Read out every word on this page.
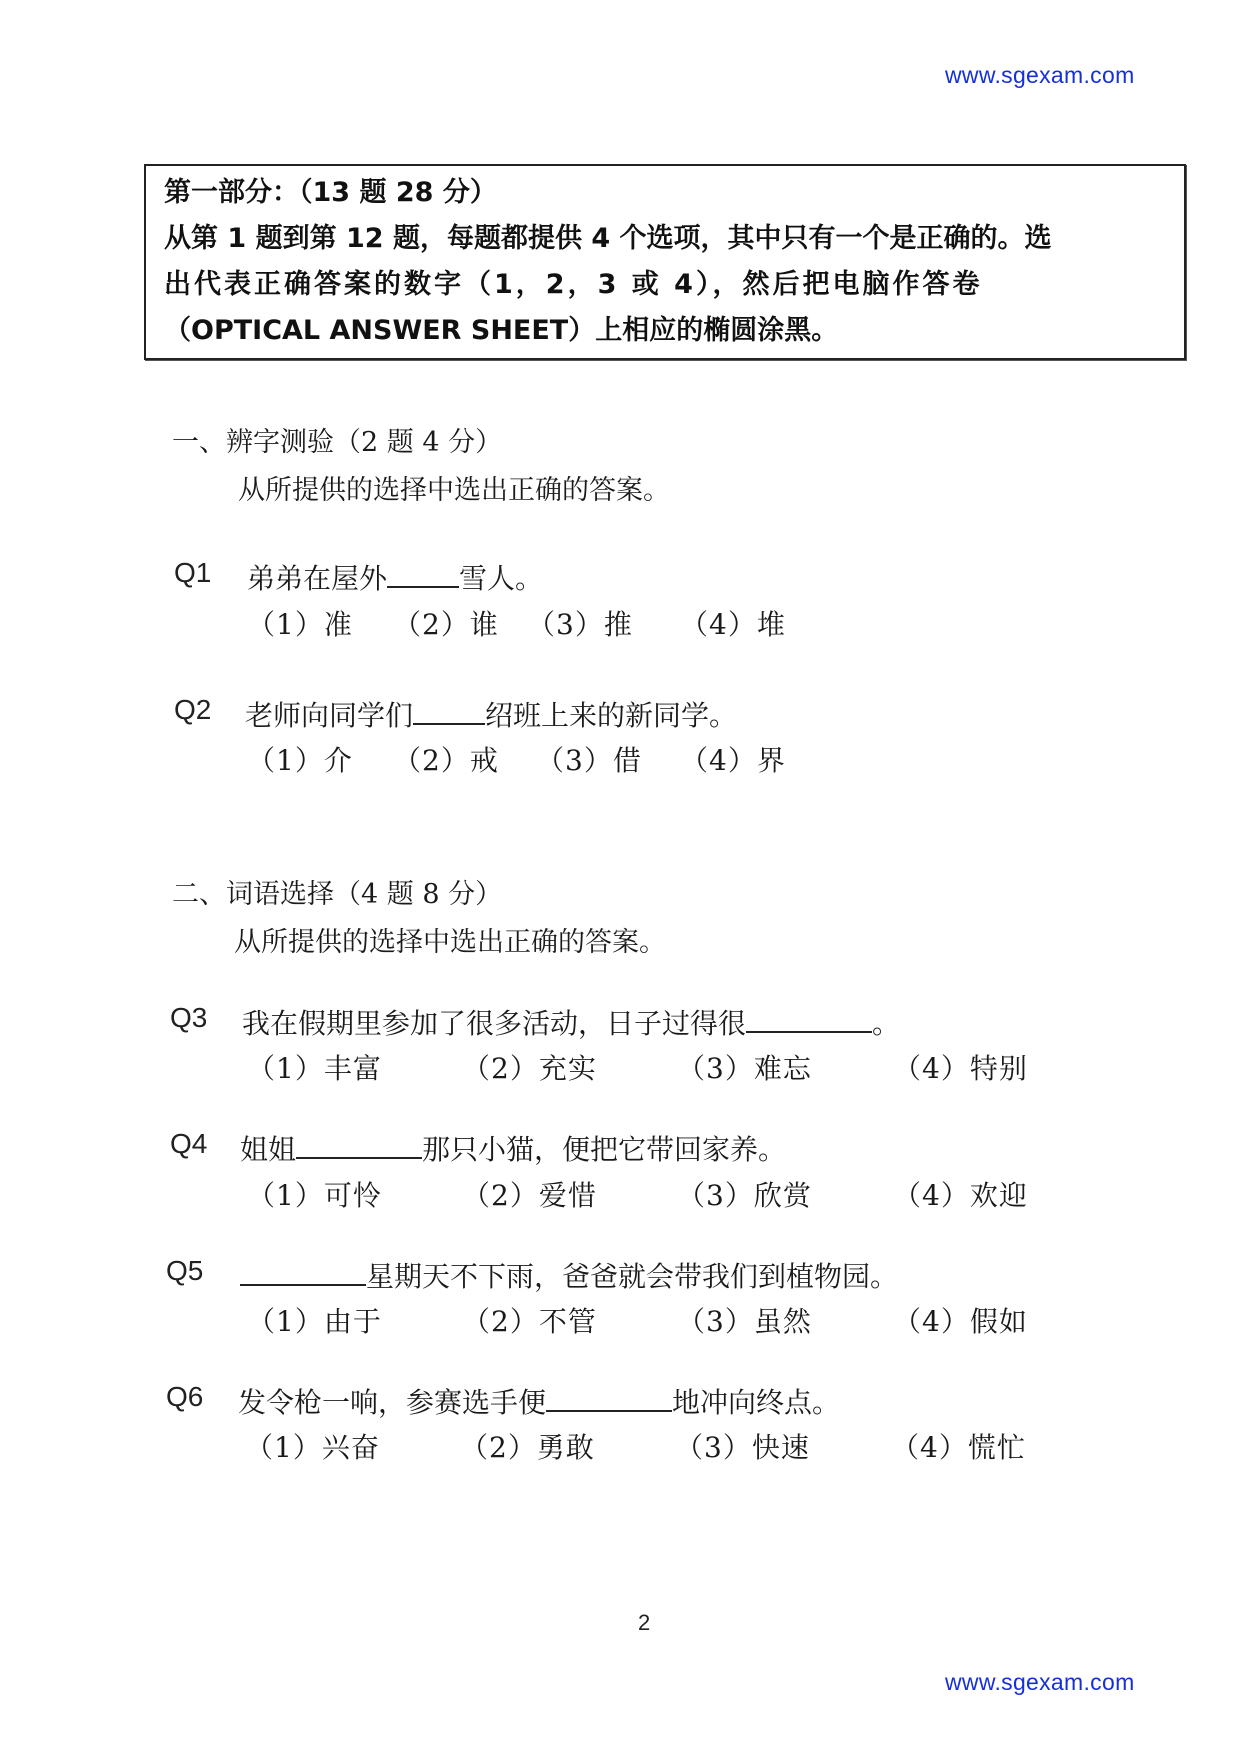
www.sgexam.com
第一部分：（13 题 28 分）
从第 1 题到第 12 题，每题都提供 4 个选项，其中只有一个是正确的。选
出代表正确答案的数字（1，2，3 或 4），然后把电脑作答卷
（OPTICAL ANSWER SHEET）上相应的椭圆涂黑。
一、辨字测验（2 题 4 分）
从所提供的选择中选出正确的答案。
Q1 弟弟在屋外	雪人。
（1）准 （2）谁 （3）推 （4）堆
Q2 老师向同学们	绍班上来的新同学。
（1）介 （2）戒 （3）借 （4）界
二、词语选择（4 题 8 分）
从所提供的选择中选出正确的答案。
Q3 我在假期里参加了很多活动，日子过得很	。
（1）丰富	（2）充实	（3）难忘	（4）特别
Q4 姐姐	那只小猫，便把它带回家养。
（1）可怜	（2）爱惜	（3）欣赏	（4）欢迎
Q5	星期天不下雨，爸爸就会带我们到植物园。
（1）由于	（2）不管	（3）虽然	（4）假如
Q6 发令枪一响，参赛选手便	地冲向终点。
（1）兴奋	（2）勇敢	（3）快速	（4）慌忙
2
www.sgexam.com
